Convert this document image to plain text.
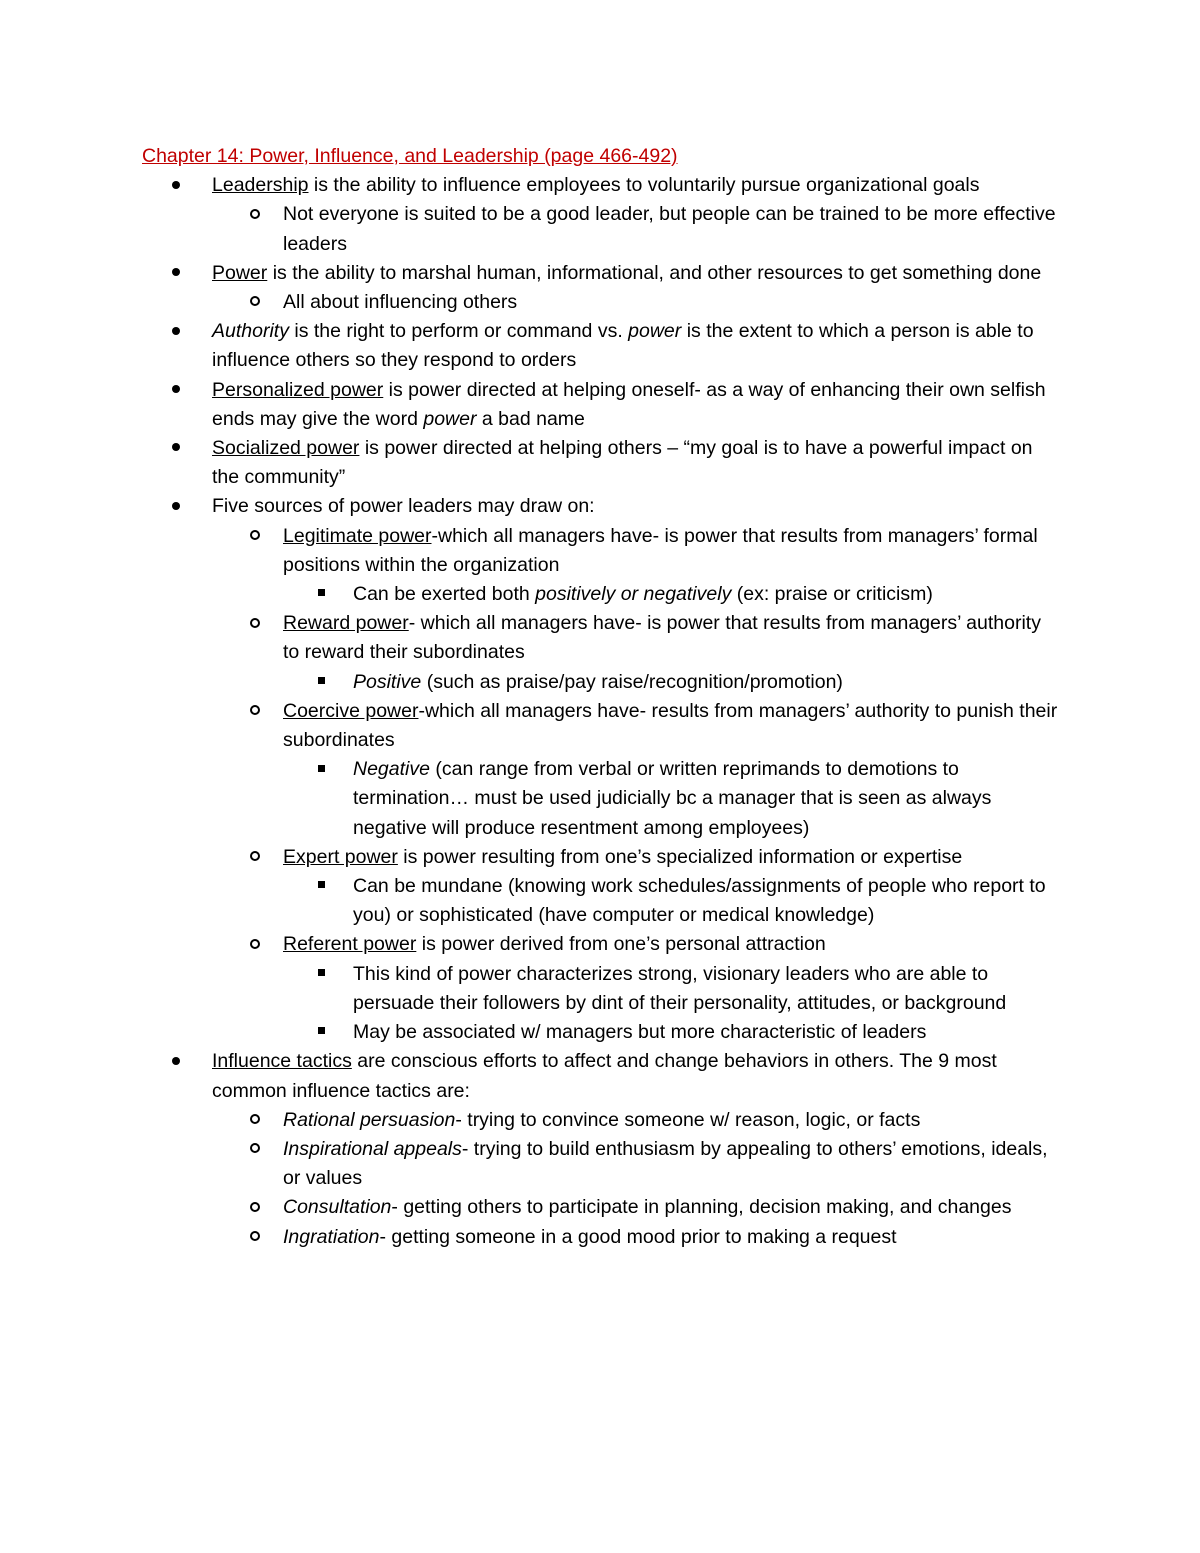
Chapter 14: Power, Influence, and Leadership (page 466-492)
Leadership is the ability to influence employees to voluntarily pursue organizational goals
Not everyone is suited to be a good leader, but people can be trained to be more effective leaders
Power is the ability to marshal human, informational, and other resources to get something done
All about influencing others
Authority is the right to perform or command vs. power is the extent to which a person is able to influence others so they respond to orders
Personalized power is power directed at helping oneself- as a way of enhancing their own selfish ends may give the word power a bad name
Socialized power is power directed at helping others – “my goal is to have a powerful impact on the community”
Five sources of power leaders may draw on:
Legitimate power-which all managers have- is power that results from managers’ formal positions within the organization
Can be exerted both positively or negatively (ex: praise or criticism)
Reward power- which all managers have- is power that results from managers’ authority to reward their subordinates
Positive (such as praise/pay raise/recognition/promotion)
Coercive power-which all managers have- results from managers’ authority to punish their subordinates
Negative (can range from verbal or written reprimands to demotions to termination… must be used judicially bc a manager that is seen as always negative will produce resentment among employees)
Expert power is power resulting from one’s specialized information or expertise
Can be mundane (knowing work schedules/assignments of people who report to you) or sophisticated (have computer or medical knowledge)
Referent power is power derived from one’s personal attraction
This kind of power characterizes strong, visionary leaders who are able to persuade their followers by dint of their personality, attitudes, or background
May be associated w/ managers but more characteristic of leaders
Influence tactics are conscious efforts to affect and change behaviors in others. The 9 most common influence tactics are:
Rational persuasion- trying to convince someone w/ reason, logic, or facts
Inspirational appeals- trying to build enthusiasm by appealing to others’ emotions, ideals, or values
Consultation- getting others to participate in planning, decision making, and changes
Ingratiation- getting someone in a good mood prior to making a request
